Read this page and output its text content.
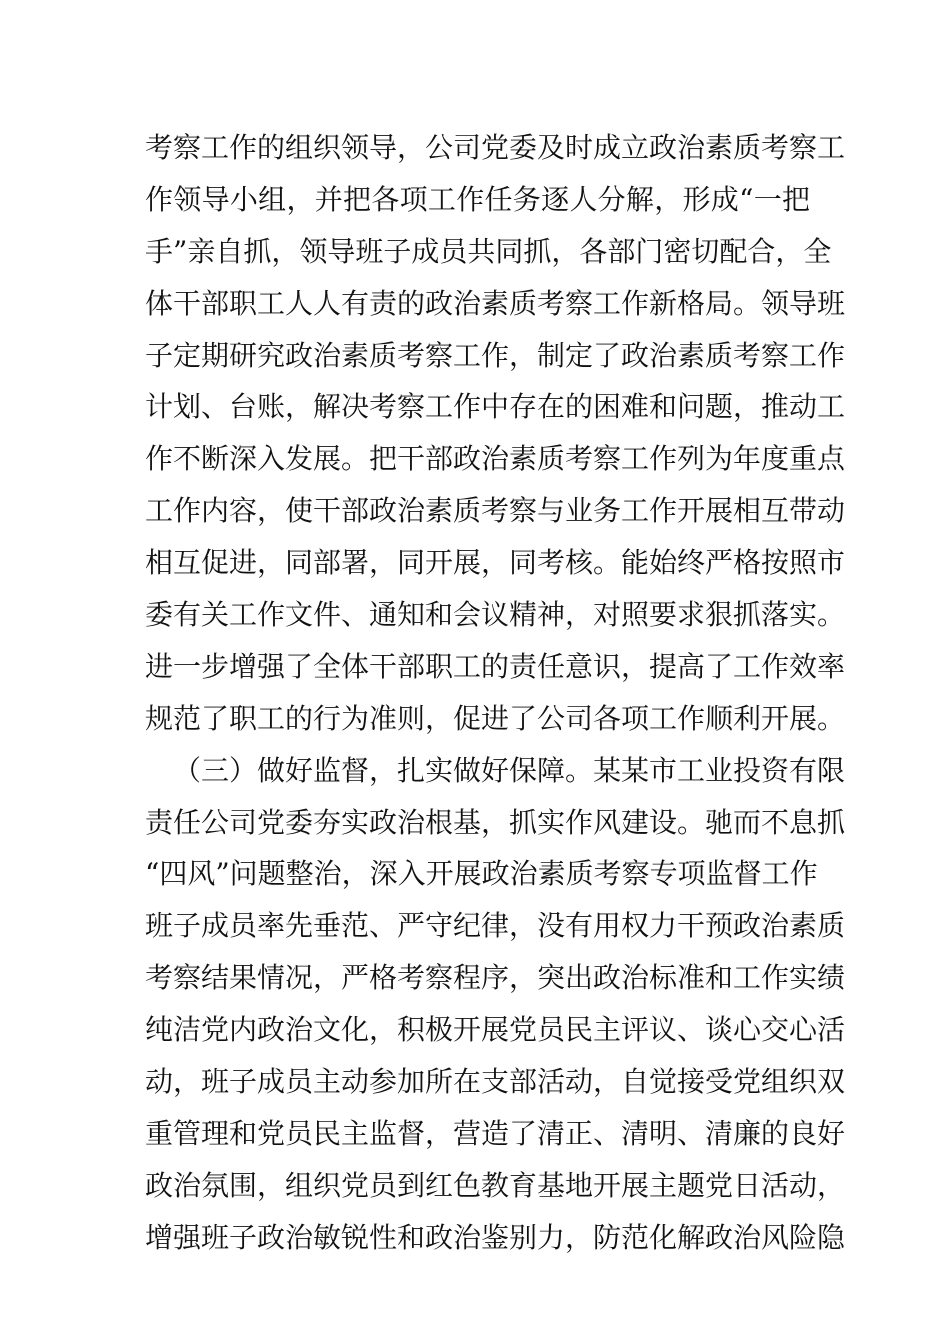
考察工作的组织领导，公司党委及时成立政治素质考察工
作领导小组，并把各项工作任务逐人分解，形成“一把
手”亲自抓，领导班子成员共同抓，各部门密切配合，全
体干部职工人人有责的政治素质考察工作新格局。领导班
子定期研究政治素质考察工作，制定了政治素质考察工作
计划、台账，解决考察工作中存在的困难和问题，推动工
作不断深入发展。把干部政治素质考察工作列为年度重点
工作内容，使干部政治素质考察与业务工作开展相互带动
相互促进，同部署，同开展，同考核。能始终严格按照市
委有关工作文件、通知和会议精神，对照要求狠抓落实。
进一步增强了全体干部职工的责任意识，提高了工作效率
规范了职工的行为准则，促进了公司各项工作顺利开展。
（三）做好监督，扎实做好保障。某某市工业投资有限
责任公司党委夯实政治根基，抓实作风建设。驰而不息抓
“四风”问题整治，深入开展政治素质考察专项监督工作
班子成员率先垂范、严守纪律，没有用权力干预政治素质
考察结果情况，严格考察程序，突出政治标准和工作实绩
纯洁党内政治文化，积极开展党员民主评议、谈心交心活
动，班子成员主动参加所在支部活动，自觉接受党组织双
重管理和党员民主监督，营造了清正、清明、清廉的良好
政治氛围，组织党员到红色教育基地开展主题党日活动，
增强班子政治敏锐性和政治鉴别力，防范化解政治风险隐
